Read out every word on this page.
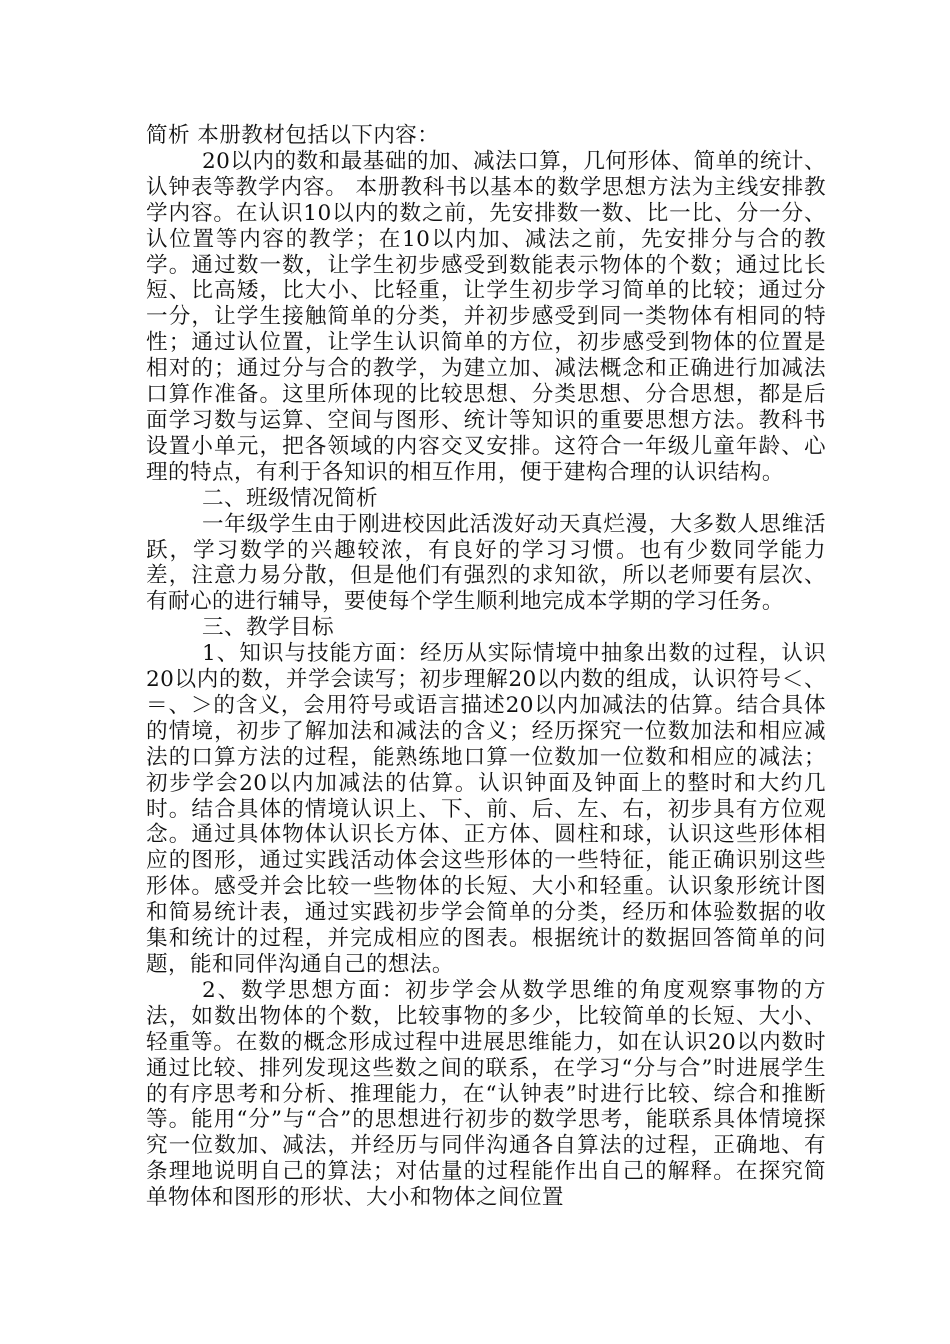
简析 本册教材包括以下内容：

20以内的数和最基础的加、减法口算，几何形体、简单的统计、认钟表等教学内容。 本册教科书以基本的数学思想方法为主线安排教学内容。在认识10以内的数之前，先安排数一数、比一比、分一分、认位置等内容的教学；在10以内加、减法之前，先安排分与合的教学。通过数一数，让学生初步感受到数能表示物体的个数；通过比长短、比高矮，比大小、比轻重，让学生初步学习简单的比较；通过分一分，让学生接触简单的分类，并初步感受到同一类物体有相同的特性；通过认位置，让学生认识简单的方位，初步感受到物体的位置是相对的；通过分与合的教学，为建立加、减法概念和正确进行加减法口算作准备。这里所体现的比较思想、分类思想、分合思想，都是后面学习数与运算、空间与图形、统计等知识的重要思想方法。教科书设置小单元，把各领域的内容交叉安排。这符合一年级儿童年龄、心理的特点，有利于各知识的相互作用，便于建构合理的认识结构。

二、班级情况简析

一年级学生由于刚进校因此活泼好动天真烂漫，大多数人思维活跃，学习数学的兴趣较浓，有良好的学习习惯。也有少数同学能力差，注意力易分散，但是他们有强烈的求知欲，所以老师要有层次、有耐心的进行辅导，要使每个学生顺利地完成本学期的学习任务。

三、教学目标

1、知识与技能方面：经历从实际情境中抽象出数的过程，认识20以内的数，并学会读写；初步理解20以内数的组成，认识符号＜、＝、＞的含义，会用符号或语言描述20以内加减法的估算。结合具体的情境，初步了解加法和减法的含义；经历探究一位数加法和相应减法的口算方法的过程，能熟练地口算一位数加一位数和相应的减法；初步学会20以内加减法的估算。认识钟面及钟面上的整时和大约几时。结合具体的情境认识上、下、前、后、左、右，初步具有方位观念。通过具体物体认识长方体、正方体、圆柱和球，认识这些形体相应的图形，通过实践活动体会这些形体的一些特征，能正确识别这些形体。感受并会比较一些物体的长短、大小和轻重。认识象形统计图和简易统计表，通过实践初步学会简单的分类，经历和体验数据的收集和统计的过程，并完成相应的图表。根据统计的数据回答简单的问题，能和同伴沟通自己的想法。

2、数学思想方面：初步学会从数学思维的角度观察事物的方法，如数出物体的个数，比较事物的多少，比较简单的长短、大小、轻重等。在数的概念形成过程中进展思维能力，如在认识20以内数时通过比较、排列发现这些数之间的联系，在学习“分与合”时进展学生的有序思考和分析、推理能力，在“认钟表”时进行比较、综合和推断等。能用“分”与“合”的思想进行初步的数学思考，能联系具体情境探究一位数加、减法，并经历与同伴沟通各自算法的过程，正确地、有条理地说明自己的算法；对估量的过程能作出自己的解释。在探究简单物体和图形的形状、大小和物体之间位置
